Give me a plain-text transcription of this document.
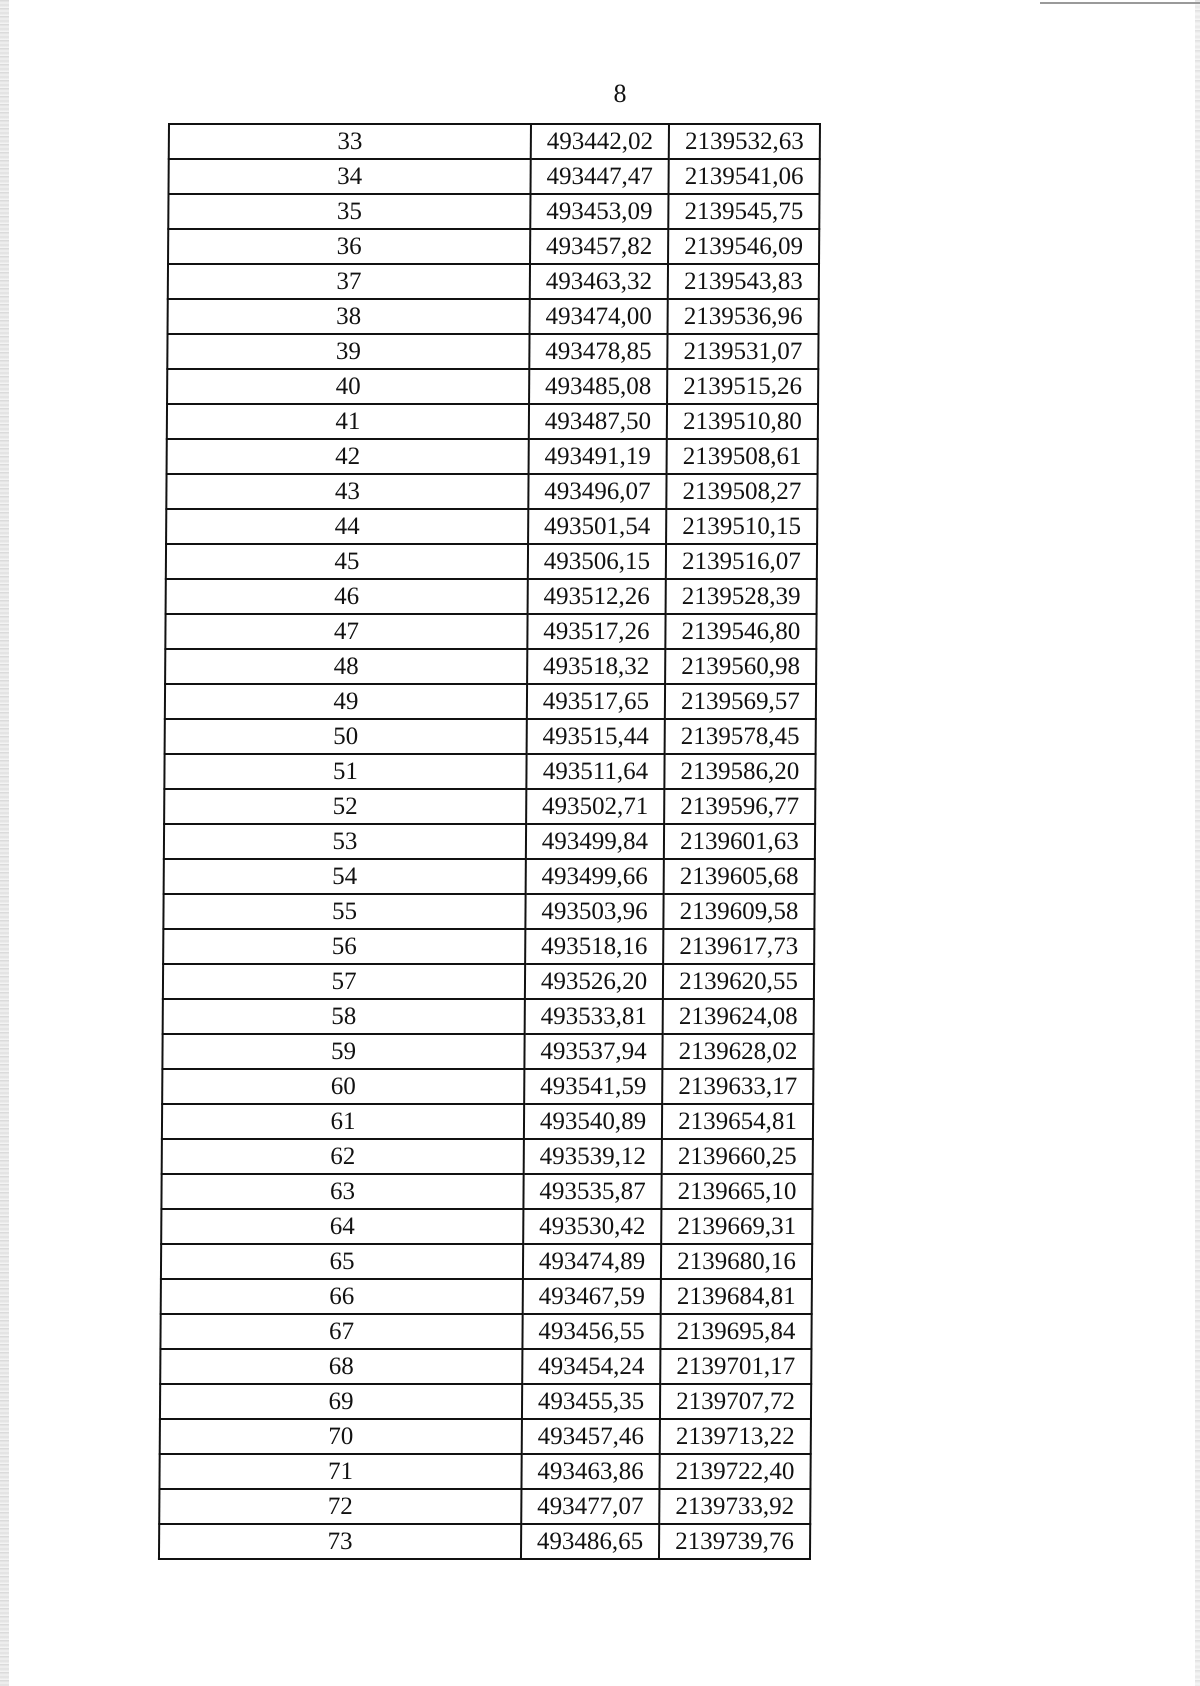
8
33	493442,02	2139532,63
34	493447,47	2139541,06
35	493453,09	2139545,75
36	493457,82	2139546,09
37	493463,32	2139543,83
38	493474,00	2139536,96
39	493478,85	2139531,07
40	493485,08	2139515,26
41	493487,50	2139510,80
42	493491,19	2139508,61
43	493496,07	2139508,27
44	493501,54	2139510,15
45	493506,15	2139516,07
46	493512,26	2139528,39
47	493517,26	2139546,80
48	493518,32	2139560,98
49	493517,65	2139569,57
50	493515,44	2139578,45
51	493511,64	2139586,20
52	493502,71	2139596,77
53	493499,84	2139601,63
54	493499,66	2139605,68
55	493503,96	2139609,58
56	493518,16	2139617,73
57	493526,20	2139620,55
58	493533,81	2139624,08
59	493537,94	2139628,02
60	493541,59	2139633,17
61	493540,89	2139654,81
62	493539,12	2139660,25
63	493535,87	2139665,10
64	493530,42	2139669,31
65	493474,89	2139680,16
66	493467,59	2139684,81
67	493456,55	2139695,84
68	493454,24	2139701,17
69	493455,35	2139707,72
70	493457,46	2139713,22
71	493463,86	2139722,40
72	493477,07	2139733,92
73	493486,65	2139739,76
